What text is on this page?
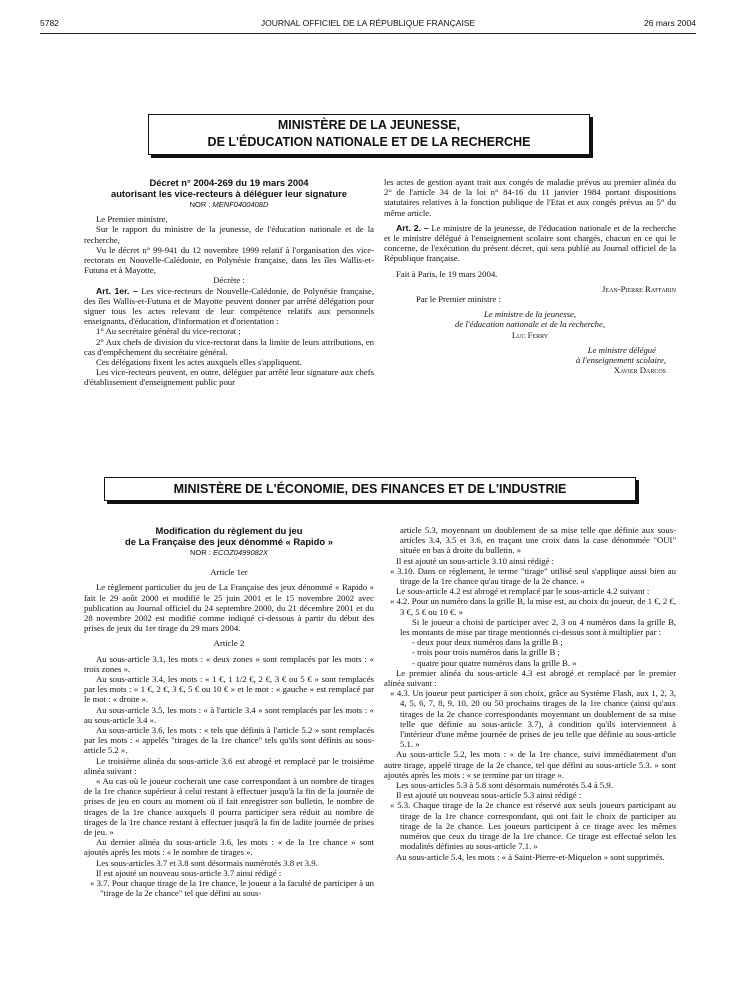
5782	JOURNAL OFFICIEL DE LA RÉPUBLIQUE FRANÇAISE	26 mars 2004
MINISTÈRE DE LA JEUNESSE,
DE L'ÉDUCATION NATIONALE ET DE LA RECHERCHE
Décret n° 2004-269 du 19 mars 2004
autorisant les vice-recteurs à déléguer leur signature
NOR : MENF0400408D

Le Premier ministre,

Sur le rapport du ministre de la jeunesse, de l'éducation nationale et de la recherche,

Vu le décret n° 99-941 du 12 novembre 1999 relatif à l'organisation des vice-rectorats en Nouvelle-Calédonie, en Polynésie française, dans les îles Wallis-et-Futuna et à Mayotte,

Décrète :

Art. 1er. – Les vice-recteurs de Nouvelle-Calédonie, de Polynésie française, des îles Wallis-et-Futuna et de Mayotte peuvent donner par arrêté délégation pour signer tous les actes relevant de leur compétence relatifs aux personnels enseignants, d'éducation, d'information et d'orientation :

1° Au secrétaire général du vice-rectorat ;

2° Aux chefs de division du vice-rectorat dans la limite de leurs attributions, en cas d'empêchement du secrétaire général.

Ces délégations fixent les actes auxquels elles s'appliquent.

Les vice-recteurs peuvent, en outre, déléguer par arrêté leur signature aux chefs d'établissement d'enseignement public pour

les actes de gestion ayant trait aux congés de maladie prévus au premier alinéa du 2° de l'article 34 de la loi n° 84-16 du 11 janvier 1984 portant dispositions statutaires relatives à la fonction publique de l'Etat et aux congés prévus au 5° du même article.

Art. 2. – Le ministre de la jeunesse, de l'éducation nationale et de la recherche et le ministre délégué à l'enseignement scolaire sont chargés, chacun en ce qui le concerne, de l'exécution du présent décret, qui sera publié au Journal officiel de la République française.

Fait à Paris, le 19 mars 2004.

Jean-Pierre Raffarin

Par le Premier ministre :

Le ministre de la jeunesse,

de l'éducation nationale et de la recherche,

Luc Ferry

Le ministre délégué

à l'enseignement scolaire,

Xavier Darcos

MINISTÈRE DE L'ÉCONOMIE, DES FINANCES ET DE L'INDUSTRIE
Modification du règlement du jeu
de La Française des jeux dénommé « Rapido »
NOR : ECOZ0499082X

Article 1er

Le règlement particulier du jeu de La Française des jeux dénommé « Rapido » fait le 29 août 2000 et modifié le 25 juin 2001 et le 15 novembre 2002 avec publication au Journal officiel du 24 septembre 2000, du 21 décembre 2001 et du 28 novembre 2002 est modifié comme indiqué ci-dessous à partir du début des prises de jeux du 1er tirage du 29 mars 2004.

Article 2

Au sous-article 3.1, les mots : « deux zones » sont remplacés par les mots : « trois zones ».

Au sous-article 3.4, les mots : « 1 €, 1 1/2 €, 2 €, 3 € ou 5 € » sont remplacés par les mots : « 1 €, 2 €, 3 €, 5 € ou 10 € » et le mot : « gauche » est remplacé par le mot : « droite ».

Au sous-article 3.5, les mots : « à l'article 3.4 » sont remplacés par les mots : « au sous-article 3.4 ».

Au sous-article 3.6, les mots : « tels que définis à l'article 5.2 » sont remplacés par les mots : « appelés "tirages de la 1re chance" tels qu'ils sont définis au sous-article 5.2 ».

Le troisième alinéa du sous-article 3.6 est abrogé et remplacé par le troisième alinéa suivant :

« Au cas où le joueur cocherait une case correspondant à un nombre de tirages de la 1re chance supérieur à celui restant à effectuer jusqu'à la fin de la journée de prises de jeu en cours au moment où il fait enregistrer son bulletin, le nombre de tirages de la 1re chance auxquels il pourra participer sera réduit au nombre de tirages de la 1re chance restant à effectuer jusqu'à la fin de ladite journée de prises de jeu. »

Au dernier alinéa du sous-article 3.6, les mots : « de la 1re chance » sont ajoutés après les mots : « le nombre de tirages ».

Les sous-articles 3.7 et 3.8 sont désormais numérotés 3.8 et 3.9.

Il est ajouté un nouveau sous-article 3.7 ainsi rédigé :

« 3.7. Pour chaque tirage de la 1re chance, le joueur a la faculté de participer à un "tirage de la 2e chance" tel que défini au sous-

article 5.3, moyennant un doublement de sa mise telle que définie aux sous-articles 3.4, 3.5 et 3.6, en traçant une croix dans la case dénommée "OUI" située en bas à droite du bulletin. »

Il est ajouté un sous-article 3.10 ainsi rédigé :

« 3.10. Dans ce règlement, le terme "tirage" utilisé seul s'applique aussi bien au tirage de la 1re chance qu'au tirage de la 2e chance. »

Le sous-article 4.2 est abrogé et remplacé par le sous-article 4.2 suivant :

« 4.2. Pour un numéro dans la grille B, la mise est, au choix du joueur, de 1 €, 2 €, 3 €, 5 € ou 10 €. »

Si le joueur a choisi de participer avec 2, 3 ou 4 numéros dans la grille B, les montants de mise par tirage mentionnés ci-dessus sont à multiplier par :

- deux pour deux numéros dans la grille B ;

- trois pour trois numéros dans la grille B ;

- quatre pour quatre numéros dans la grille B. »

Le premier alinéa du sous-article 4.3 est abrogé et remplacé par le premier alinéa suivant :

« 4.3. Un joueur peut participer à son choix, grâce au Système Flash, aux 1, 2, 3, 4, 5, 6, 7, 8, 9, 10, 20 ou 50 prochains tirages de la 1re chance (ainsi qu'aux tirages de la 2e chance correspondants moyennant un doublement de sa mise telle que définie au sous-article 3.7), à condition qu'ils interviennent à l'intérieur d'une même journée de prises de jeu telle que définie au sous-article 5.1. »

Au sous-article 5.2, les mots : « de la 1re chance, suivi immédiatement d'un autre tirage, appelé tirage de la 2e chance, tel que défini au sous-article 5.3. » sont ajoutés après les mots : « se termine par un tirage ».

Les sous-articles 5.3 à 5.8 sont désormais numérotés 5.4 à 5.9.

Il est ajouté un nouveau sous-article 5.3 ainsi rédigé :

« 5.3. Chaque tirage de la 2e chance est réservé aux seuls joueurs participant au tirage de la 1re chance correspondant, qui ont fait le choix de participer au tirage de la 2e chance. Les joueurs participent à ce tirage avec les mêmes numéros que ceux du tirage de la 1re chance. Ce tirage est effectué selon les modalités définies au sous-article 7.1. »

Au sous-article 5.4, les mots : « à Saint-Pierre-et-Miquelon » sont supprimés.
